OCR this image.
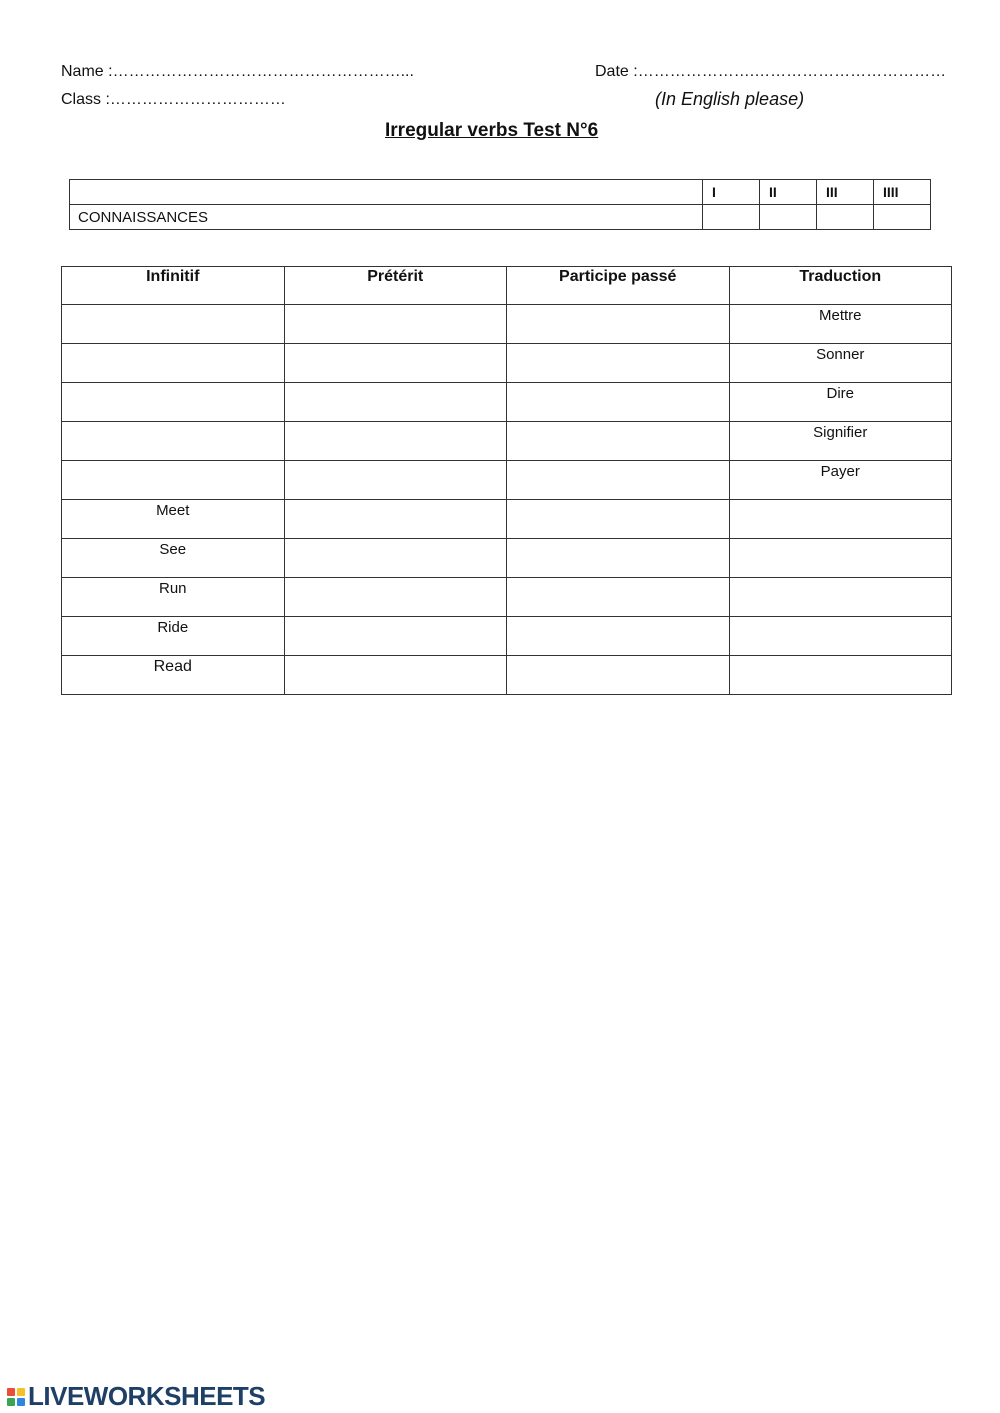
Name :………………………………………………...	Date :………………….………………………………
Class :……………………………	(In English please)
Irregular verbs Test N°6
	I	II	III	IIII
CONNAISSANCES				
Infinitif	Prétérit	Participe passé	Traduction
			Mettre
			Sonner
			Dire
			Signifier
			Payer
Meet			
See			
Run			
Ride			
Read			
LIVEWORKSHEETS
